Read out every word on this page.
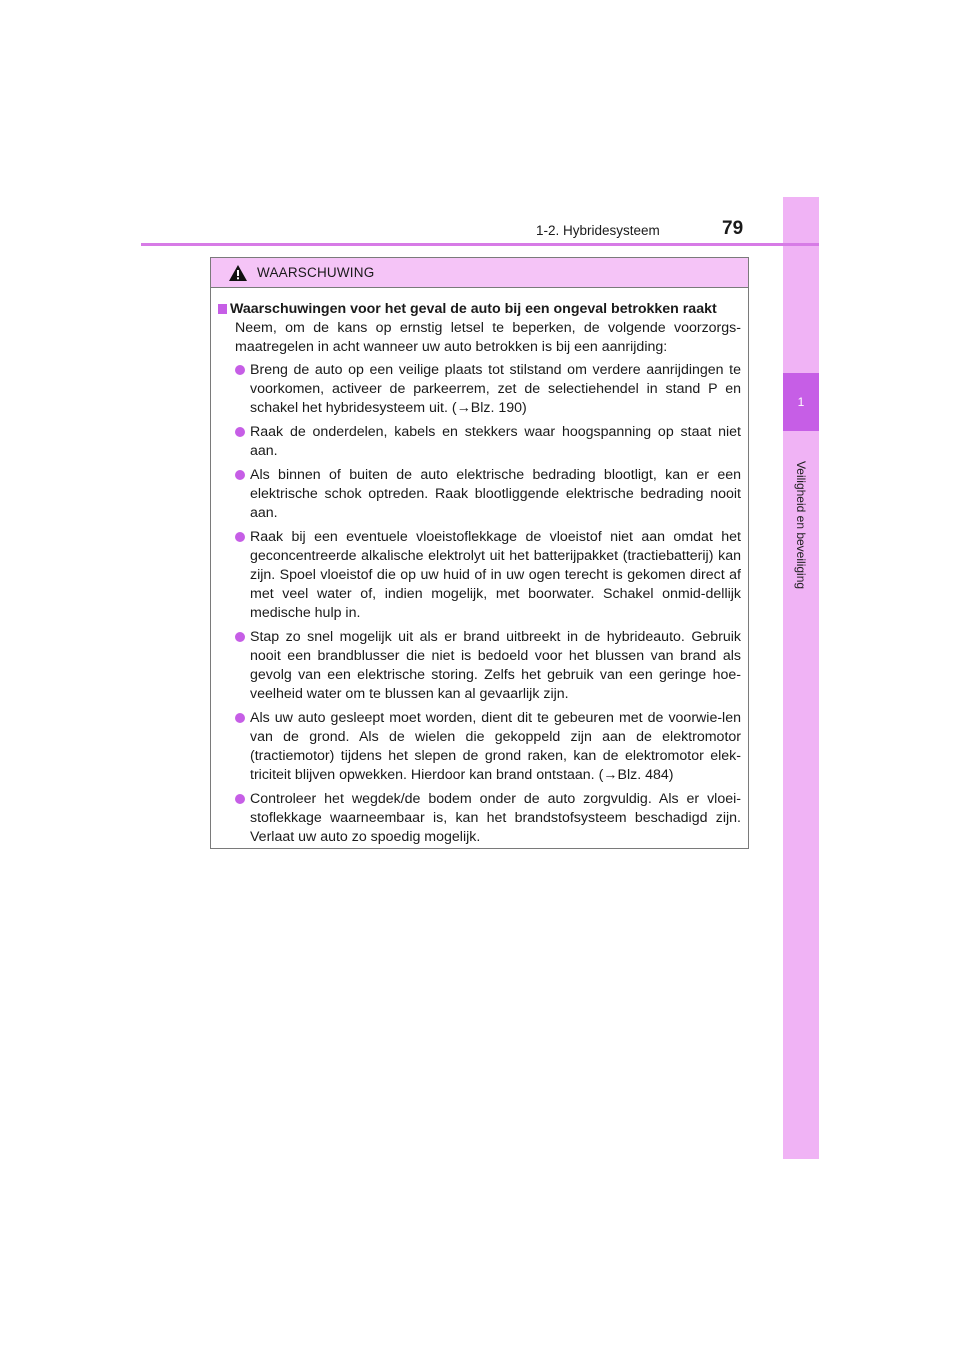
1
Veiligheid en beveiliging
1-2. Hybridesysteem	79
WAARSCHUWING
Waarschuwingen voor het geval de auto bij een ongeval betrokken raakt
Neem, om de kans op ernstig letsel te beperken, de volgende voorzorgs-maatregelen in acht wanneer uw auto betrokken is bij een aanrijding:
Breng de auto op een veilige plaats tot stilstand om verdere aanrijdingen te voorkomen, activeer de parkeerrem, zet de selectiehendel in stand P en schakel het hybridesysteem uit. (→Blz. 190)
Raak de onderdelen, kabels en stekkers waar hoogspanning op staat niet aan.
Als binnen of buiten de auto elektrische bedrading blootligt, kan er een elektrische schok optreden. Raak blootliggende elektrische bedrading nooit aan.
Raak bij een eventuele vloeistoflekkage de vloeistof niet aan omdat het geconcentreerde alkalische elektrolyt uit het batterijpakket (tractiebatterij) kan zijn. Spoel vloeistof die op uw huid of in uw ogen terecht is gekomen direct af met veel water of, indien mogelijk, met boorwater. Schakel onmid-dellijk medische hulp in.
Stap zo snel mogelijk uit als er brand uitbreekt in de hybrideauto. Gebruik nooit een brandblusser die niet is bedoeld voor het blussen van brand als gevolg van een elektrische storing. Zelfs het gebruik van een geringe hoe-veelheid water om te blussen kan al gevaarlijk zijn.
Als uw auto gesleept moet worden, dient dit te gebeuren met de voorwie-len van de grond. Als de wielen die gekoppeld zijn aan de elektromotor (tractiemotor) tijdens het slepen de grond raken, kan de elektromotor elek-triciteit blijven opwekken. Hierdoor kan brand ontstaan. (→Blz. 484)
Controleer het wegdek/de bodem onder de auto zorgvuldig. Als er vloei-stoflekkage waarneembaar is, kan het brandstofsysteem beschadigd zijn. Verlaat uw auto zo spoedig mogelijk.
